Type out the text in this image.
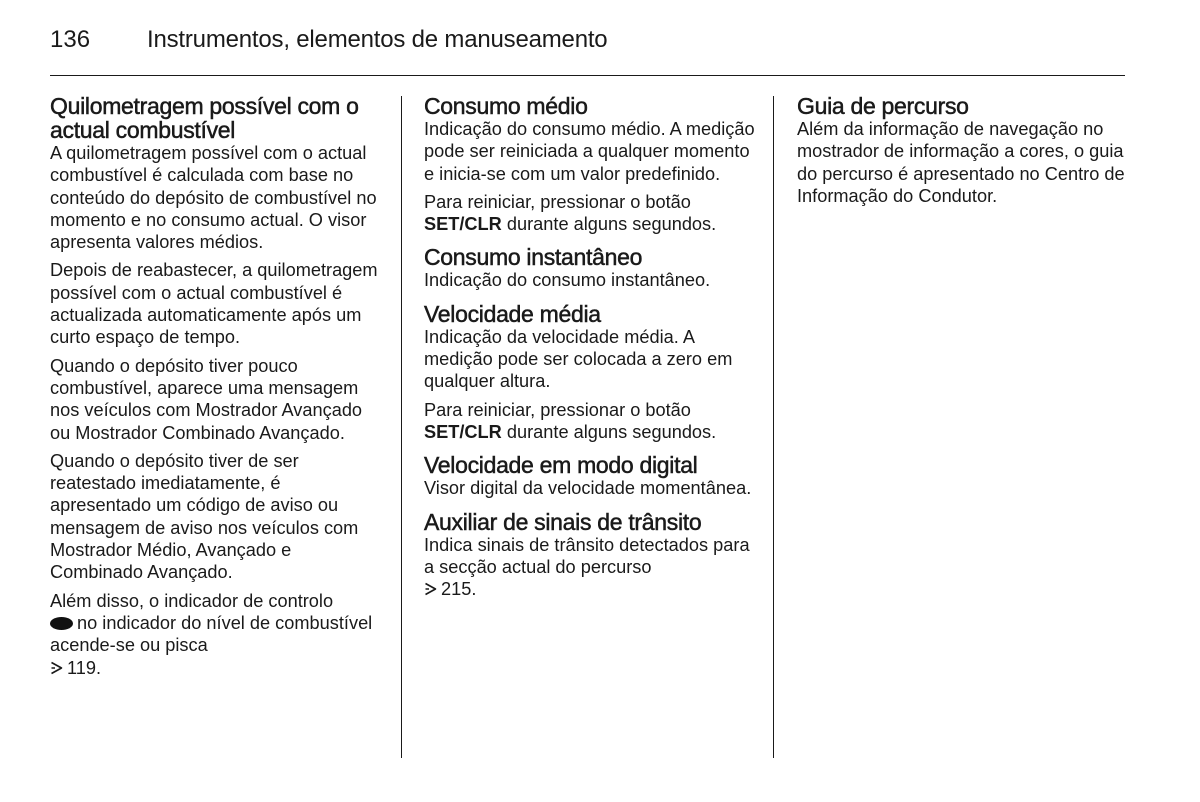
136	Instrumentos, elementos de manuseamento
Quilometragem possível com o actual combustível

A quilometragem possível com o actual combustível é calculada com base no conteúdo do depósito de combustível no momento e no consumo actual. O visor apresenta valores médios.

Depois de reabastecer, a quilometragem possível com o actual combustível é actualizada automaticamente após um curto espaço de tempo.

Quando o depósito tiver pouco combustível, aparece uma mensagem nos veículos com Mostrador Avançado ou Mostrador Combinado Avançado.

Quando o depósito tiver de ser reatestado imediatamente, é apresentado um código de aviso ou mensagem de aviso nos veículos com Mostrador Médio, Avançado e Combinado Avançado.

Além disso, o indicador de controlo
no indicador do nível de combustível acende-se ou pisca
119.

Consumo médio

Indicação do consumo médio. A medição pode ser reiniciada a qualquer momento e inicia-se com um valor predefinido.

Para reiniciar, pressionar o botão
SET/CLR durante alguns segundos.

Consumo instantâneo

Indicação do consumo instantâneo.

Velocidade média

Indicação da velocidade média. A medição pode ser colocada a zero em qualquer altura.

Para reiniciar, pressionar o botão
SET/CLR durante alguns segundos.

Velocidade em modo digital

Visor digital da velocidade momentânea.

Auxiliar de sinais de trânsito

Indica sinais de trânsito detectados para a secção actual do percurso
215.

Guia de percurso

Além da informação de navegação no mostrador de informação a cores, o guia do percurso é apresentado no Centro de Informação do Condutor.
